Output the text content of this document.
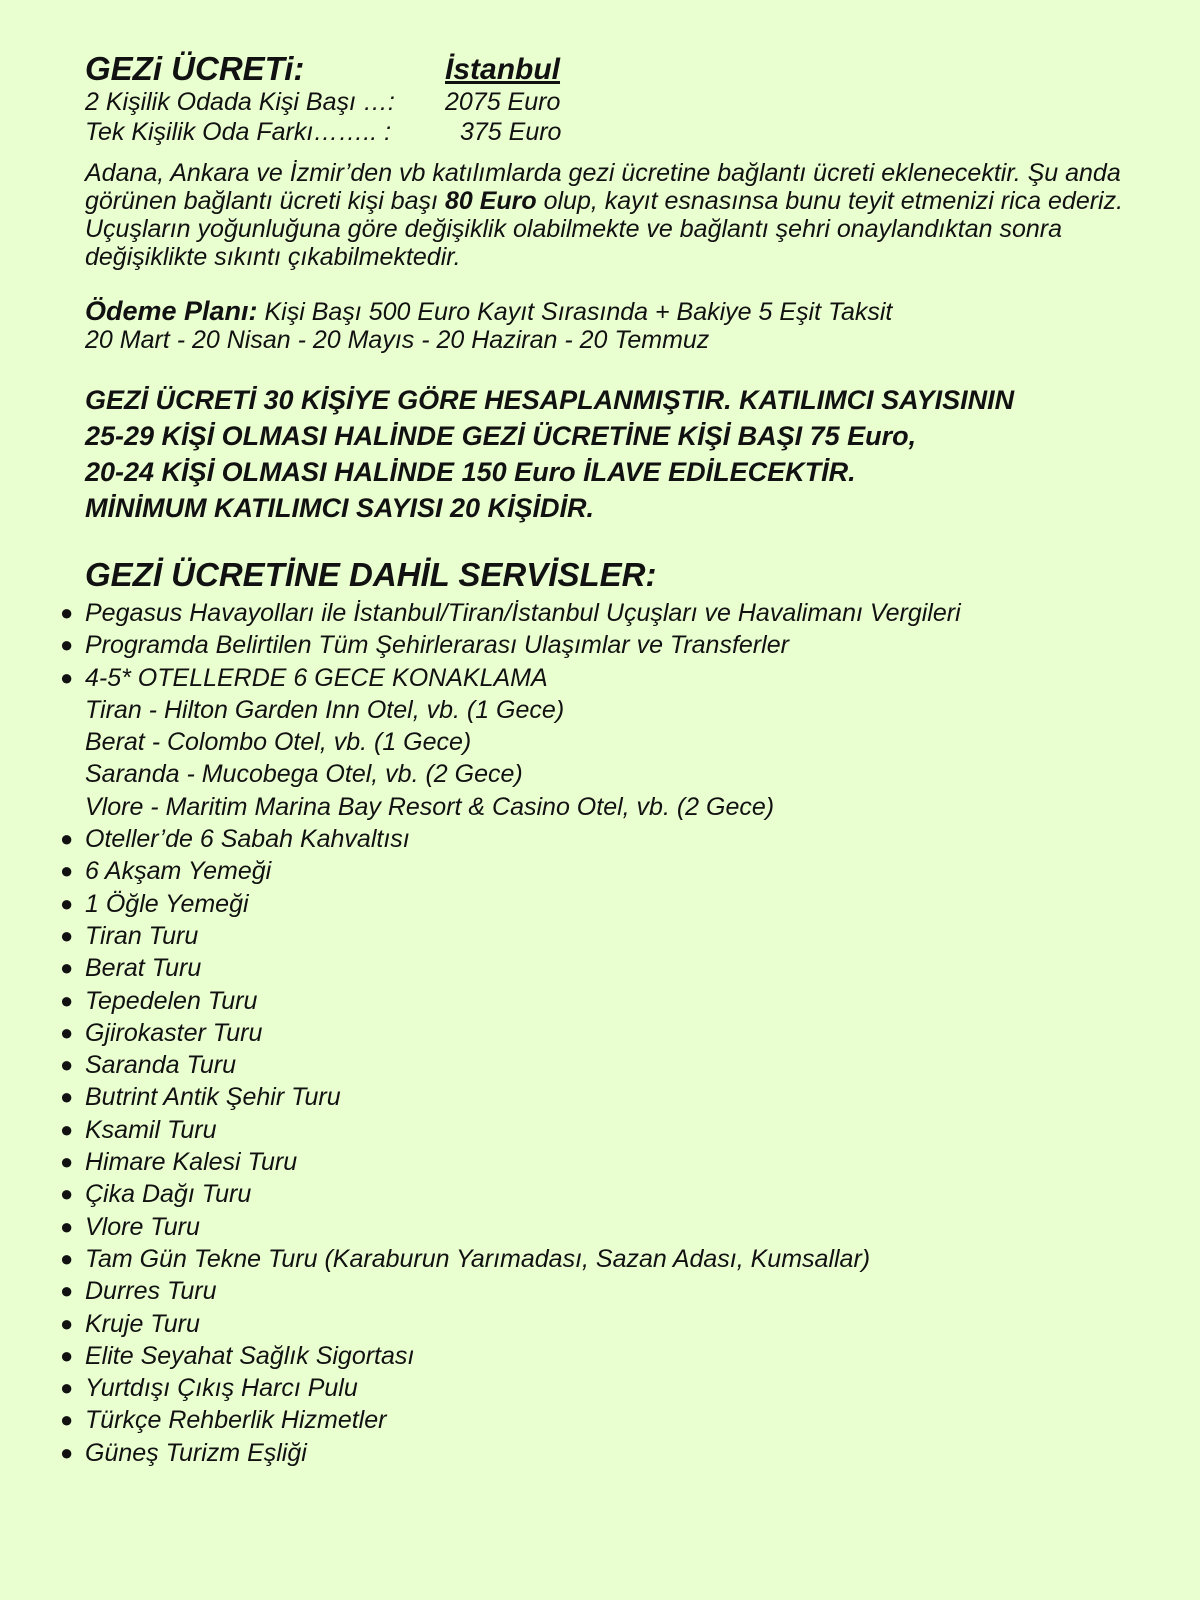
GEZi ÜCRETi:	İstanbul
2 Kişilik Odada Kişi Başı …: 2075 Euro
Tek Kişilik Oda Farkı…….. :	375 Euro
Adana, Ankara ve İzmir’den vb katılımlarda gezi ücretine bağlantı ücreti eklenecektir. Şu anda görünen bağlantı ücreti kişi başı 80 Euro olup, kayıt esnasınsa bunu teyit etmenizi rica ederiz. Uçuşların yoğunluğuna göre değişiklik olabilmekte ve bağlantı şehri onaylandıktan sonra değişiklikte sıkıntı çıkabilmektedir.
Ödeme Planı: Kişi Başı 500 Euro Kayıt Sırasında + Bakiye 5 Eşit Taksit
20 Mart - 20 Nisan - 20 Mayıs - 20 Haziran - 20 Temmuz
GEZİ ÜCRETİ 30 KİŞİYE GÖRE HESAPLANMIŞTIR. KATILIMCI SAYISININ
25-29 KİŞİ OLMASI HALİNDE GEZİ ÜCRETİNE KİŞİ BAŞI 75 Euro,
20-24 KİŞİ OLMASI HALİNDE 150 Euro İLAVE EDİLECEKTİR.
MİNİMUM KATILIMCI SAYISI 20 KİŞİDİR.
GEZİ ÜCRETİNE DAHİL SERVİSLER:
●
Pegasus Havayolları ile İstanbul/Tiran/İstanbul Uçuşları ve Havalimanı Vergileri
●
Programda Belirtilen Tüm Şehirlerarası Ulaşımlar ve Transferler
●
4-5* OTELLERDE 6 GECE KONAKLAMA
Tiran - Hilton Garden Inn Otel, vb. (1 Gece)
Berat - Colombo Otel, vb. (1 Gece)
Saranda - Mucobega Otel, vb. (2 Gece)
Vlore - Maritim Marina Bay Resort & Casino Otel, vb. (2 Gece)
●
Oteller’de 6 Sabah Kahvaltısı
●
6 Akşam Yemeği
●
1 Öğle Yemeği
●
Tiran Turu
●
Berat Turu
●
Tepedelen Turu
●
Gjirokaster Turu
●
Saranda Turu
●
Butrint Antik Şehir Turu
●
Ksamil Turu
●
Himare Kalesi Turu
●
Çika Dağı Turu
●
Vlore Turu
●
Tam Gün Tekne Turu (Karaburun Yarımadası, Sazan Adası, Kumsallar)
●
Durres Turu
●
Kruje Turu
●
Elite Seyahat Sağlık Sigortası
●
Yurtdışı Çıkış Harcı Pulu
●
Türkçe Rehberlik Hizmetler
●
Güneş Turizm Eşliği
